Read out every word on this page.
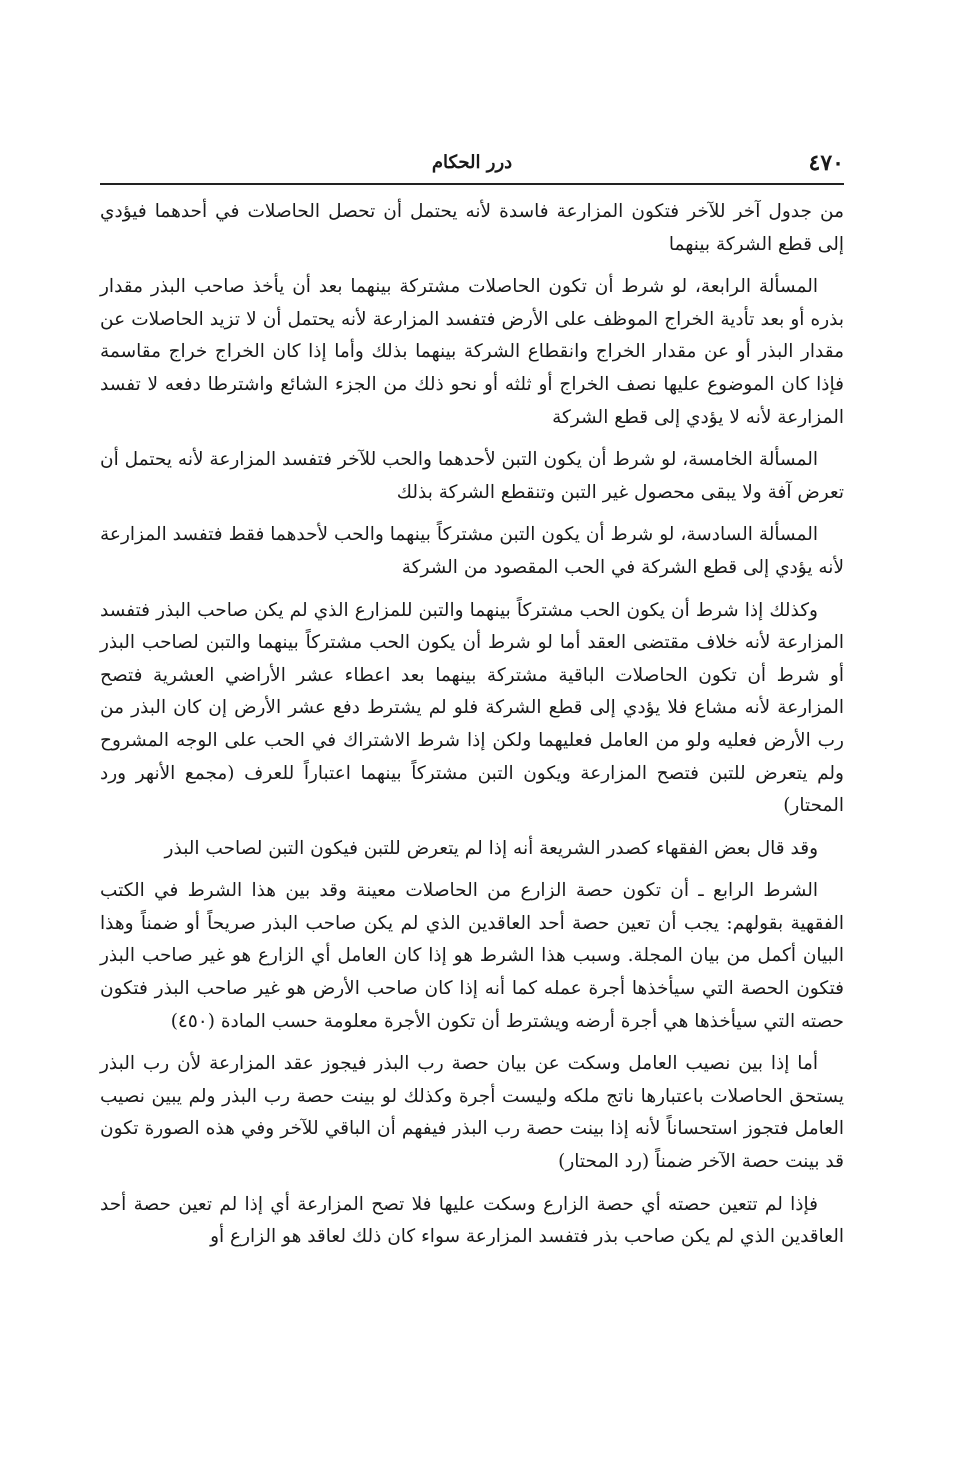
٤٧٠
درر الحكام

من جدول آخر للآخر فتكون المزارعة فاسدة لأنه يحتمل أن تحصل الحاصلات في أحدهما فيؤدي إلى قطع الشركة بينهما

المسألة الرابعة، لو شرط أن تكون الحاصلات مشتركة بينهما بعد أن يأخذ صاحب البذر مقدار بذره أو بعد تأدية الخراج الموظف على الأرض فتفسد المزارعة لأنه يحتمل أن لا تزيد الحاصلات عن مقدار البذر أو عن مقدار الخراج وانقطاع الشركة بينهما بذلك وأما إذا كان الخراج خراج مقاسمة فإذا كان الموضوع عليها نصف الخراج أو ثلثه أو نحو ذلك من الجزء الشائع واشترطا دفعه لا تفسد المزارعة لأنه لا يؤدي إلى قطع الشركة

المسألة الخامسة، لو شرط أن يكون التبن لأحدهما والحب للآخر فتفسد المزارعة لأنه يحتمل أن تعرض آفة ولا يبقى محصول غير التبن وتنقطع الشركة بذلك

المسألة السادسة، لو شرط أن يكون التبن مشتركاً بينهما والحب لأحدهما فقط فتفسد المزارعة لأنه يؤدي إلى قطع الشركة في الحب المقصود من الشركة

وكذلك إذا شرط أن يكون الحب مشتركاً بينهما والتبن للمزارع الذي لم يكن صاحب البذر فتفسد المزارعة لأنه خلاف مقتضى العقد أما لو شرط أن يكون الحب مشتركاً بينهما والتبن لصاحب البذر أو شرط أن تكون الحاصلات الباقية مشتركة بينهما بعد اعطاء عشر الأراضي العشرية فتصح المزارعة لأنه مشاع فلا يؤدي إلى قطع الشركة فلو لم يشترط دفع عشر الأرض إن كان البذر من رب الأرض فعليه ولو من العامل فعليهما ولكن إذا شرط الاشتراك في الحب على الوجه المشروح ولم يتعرض للتبن فتصح المزارعة ويكون التبن مشتركاً بينهما اعتباراً للعرف (مجمع الأنهر ورد المحتار)

وقد قال بعض الفقهاء كصدر الشريعة أنه إذا لم يتعرض للتبن فيكون التبن لصاحب البذر

الشرط الرابع ـ أن تكون حصة الزارع من الحاصلات معينة وقد بين هذا الشرط في الكتب الفقهية بقولهم: يجب أن تعين حصة أحد العاقدين الذي لم يكن صاحب البذر صريحاً أو ضمناً وهذا البيان أكمل من بيان المجلة. وسبب هذا الشرط هو إذا كان العامل أي الزارع هو غير صاحب البذر فتكون الحصة التي سيأخذها أجرة عمله كما أنه إذا كان صاحب الأرض هو غير صاحب البذر فتكون حصته التي سيأخذها هي أجرة أرضه ويشترط أن تكون الأجرة معلومة حسب المادة (٤٥٠)

أما إذا بين نصيب العامل وسكت عن بيان حصة رب البذر فيجوز عقد المزارعة لأن رب البذر يستحق الحاصلات باعتبارها ناتج ملكه وليست أجرة وكذلك لو بينت حصة رب البذر ولم يبين نصيب العامل فتجوز استحساناً لأنه إذا بينت حصة رب البذر فيفهم أن الباقي للآخر وفي هذه الصورة تكون قد بينت حصة الآخر ضمناً (رد المحتار)

فإذا لم تتعين حصته أي حصة الزارع وسكت عليها فلا تصح المزارعة أي إذا لم تعين حصة أحد العاقدين الذي لم يكن صاحب بذر فتفسد المزارعة سواء كان ذلك لعاقد هو الزارع أو
